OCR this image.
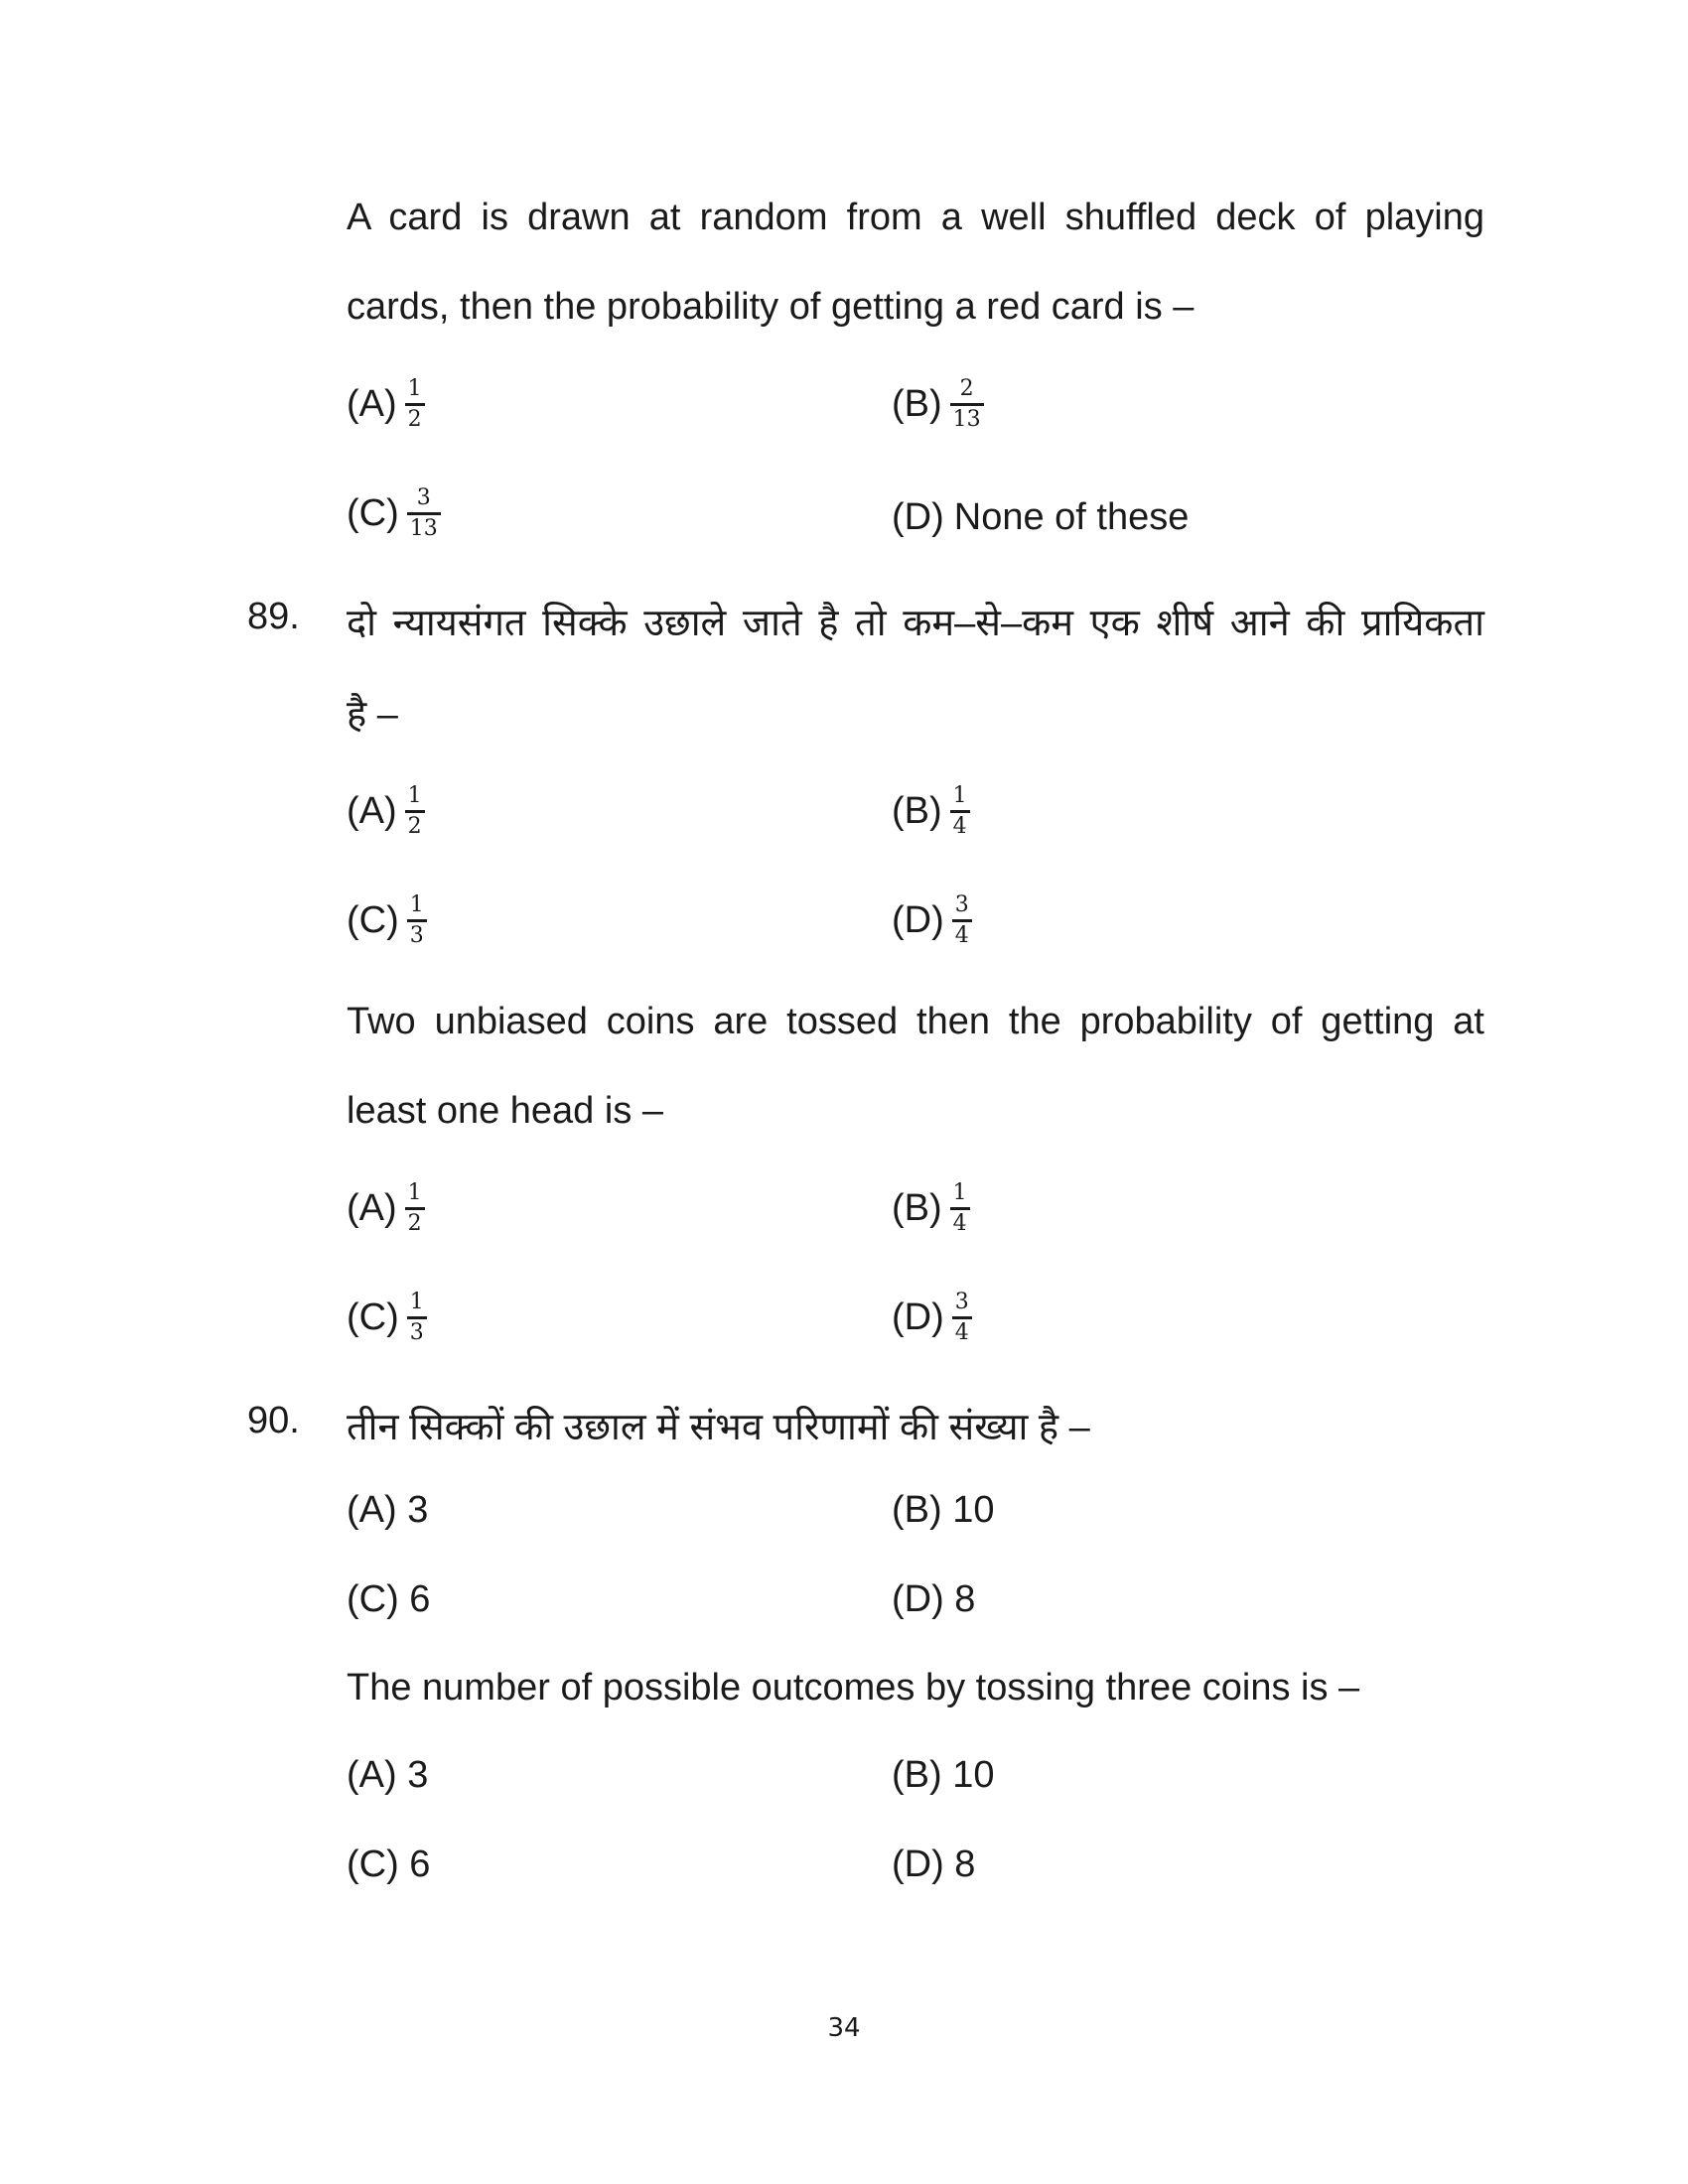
A card is drawn at random from a well shuffled deck of playing
cards, then the probability of getting a red card is –
$(A) \frac{1}{2}$	$(B) \frac{2}{13}$
$(C) \frac{3}{13}$	(D) None of these
89. दो न्यायसंगत सिक्के उछाले जाते है तो कम–से–कम एक शीर्ष आने की प्रायिकता
है –
$(A) \frac{1}{2}$	$(B) \frac{1}{4}$
$(C) \frac{1}{3}$	$(D) \frac{3}{4}$
Two unbiased coins are tossed then the probability of getting at
least one head is –
$(A) \frac{1}{2}$	$(B) \frac{1}{4}$
$(C) \frac{1}{3}$	$(D) \frac{3}{4}$
90. तीन सिक्कों की उछाल में संभव परिणामों की संख्या है –
(A) 3	(B) 10
(C) 6	(D) 8
The number of possible outcomes by tossing three coins is –
(A) 3	(B) 10
(C) 6	(D) 8
34
